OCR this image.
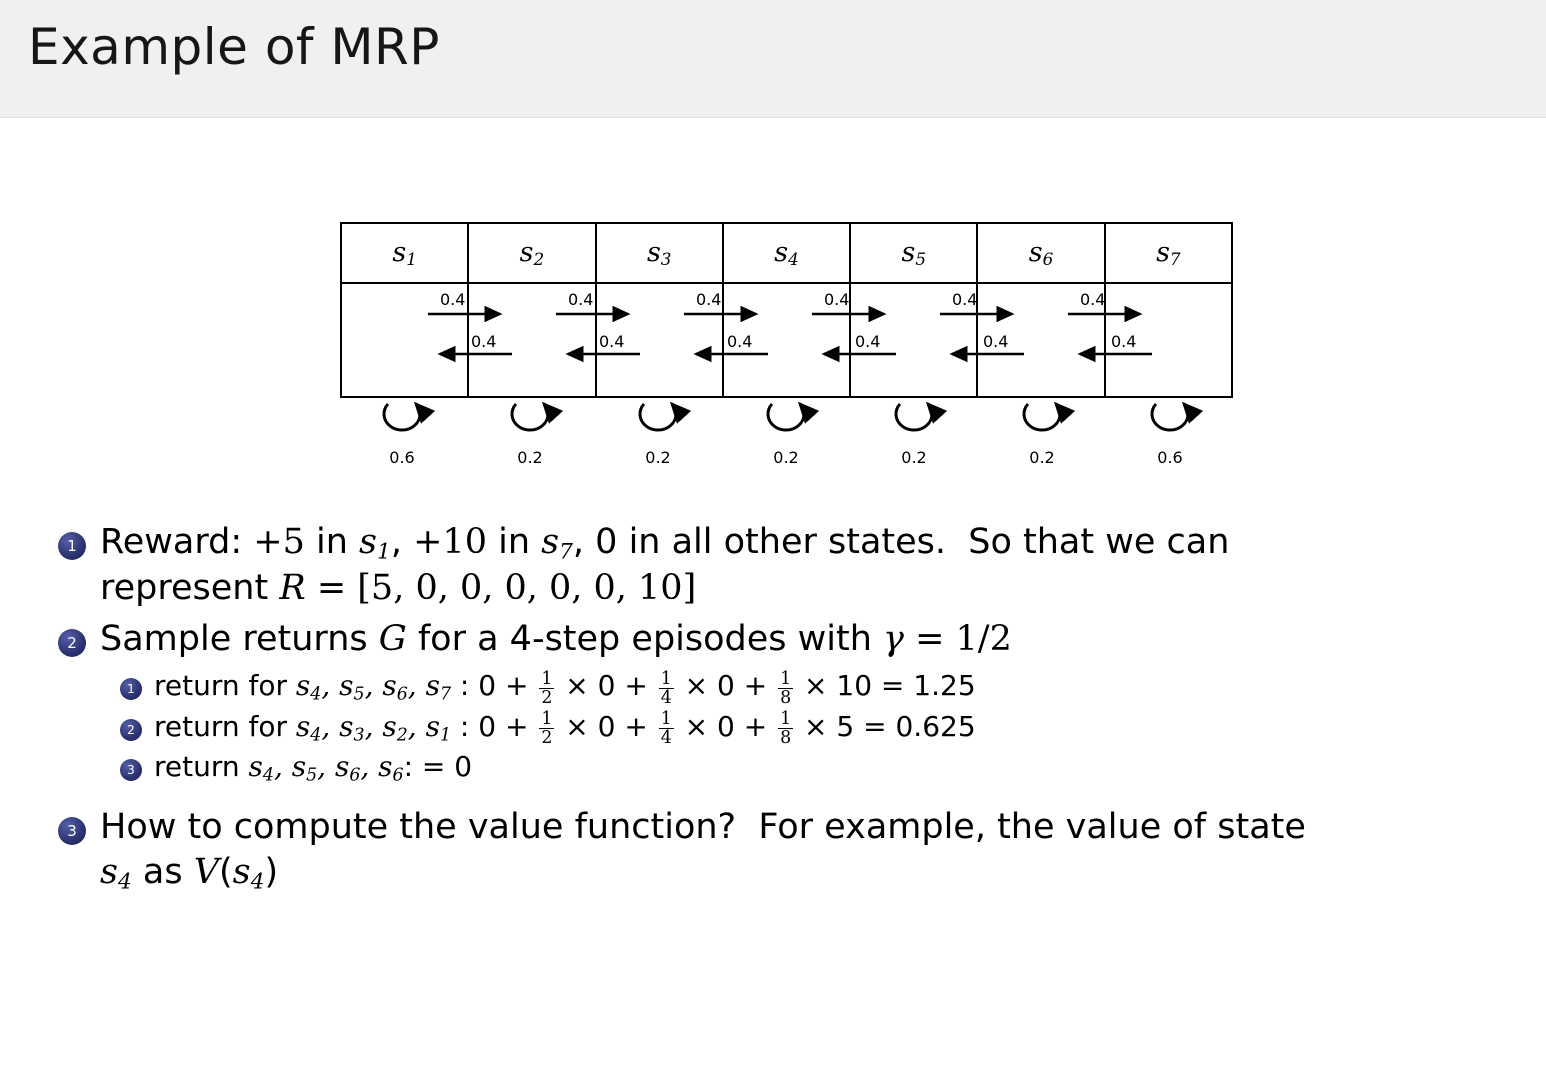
Example of MRP
$s_1$	$s_2$	$s_3$	$s_4$	$s_5$	$s_6$	$s_7$
0.4	0.4	0.4	0.4	0.4	0.4
0.4	0.4	0.4	0.4	0.4	0.4
0.6	0.2	0.2	0.2	0.2	0.2	0.6
1 Reward: +5 in $s_1$, +10 in $s_7$, 0 in all other states.  So that we can
represent R = [5, 0, 0, 0, 0, 0, 10]
2 Sample returns G for a 4-step episodes with γ = 1/2
1 return for $s_4$, $s_5$, $s_6$, $s_7$ : $0 + \frac{1}{2} \times 0 + \frac{1}{4} \times 0 + \frac{1}{8} \times 10 = 1.25$
2 return for $s_4$, $s_3$, $s_2$, $s_1$ : $0 + \frac{1}{2} \times 0 + \frac{1}{4} \times 0 + \frac{1}{8} \times 5 = 0.625$
3 return $s_4$, $s_5$, $s_6$, $s_6$: = 0
3 How to compute the value function?  For example, the value of state
$s_4$ as $V(s_4)$
